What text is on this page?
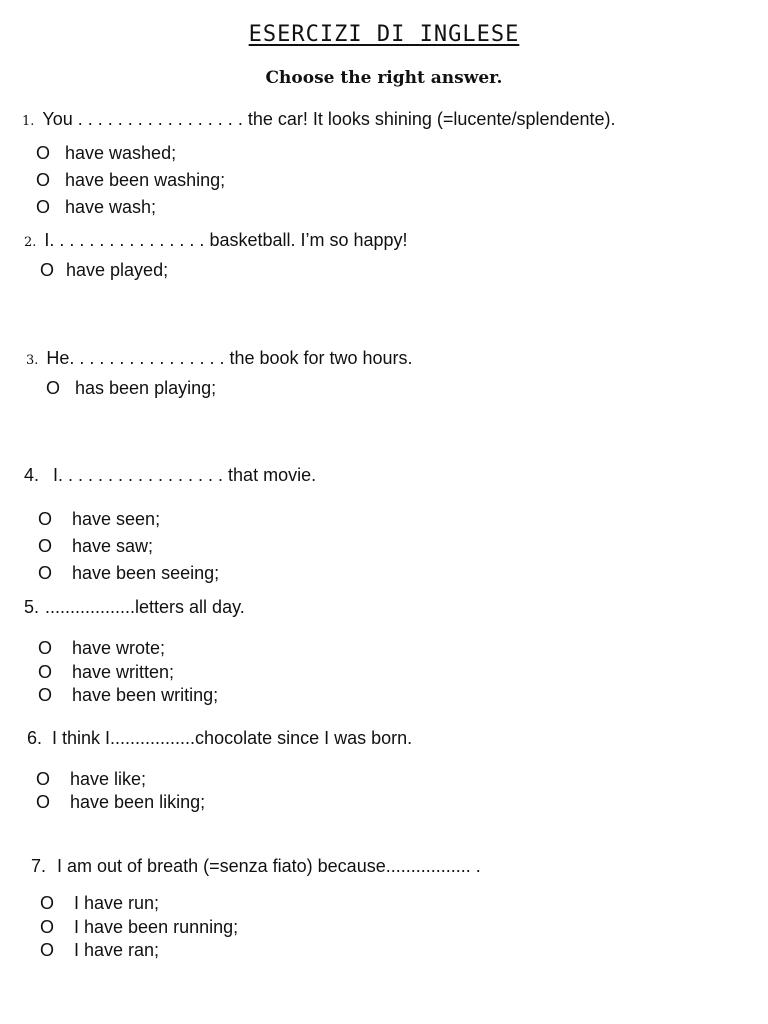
ESERCIZI DI INGLESE
Choose the right answer.
1. You . . . . . . . . . . . . . . . . . the car! It looks shining (=lucente/splendente).
O have washed;
O have been washing;
O have wash;
2. I. . . . . . . . . . . . . . . . basketball. I’m so happy!
O have played;
3. He. . . . . . . . . . . . . . . . the book for two hours.
O has been playing;
4. I. . . . . . . . . . . . . . . . . that movie.
O have seen;
O have saw;
O have been seeing;
5. ..................letters all day.
O have wrote;
O have written;
O have been writing;
6. I think I.................chocolate since I was born.
O have like;
O have been liking;
7. I am out of breath (=senza fiato) because................. .
O I have run;
O I have been running;
O I have ran;
